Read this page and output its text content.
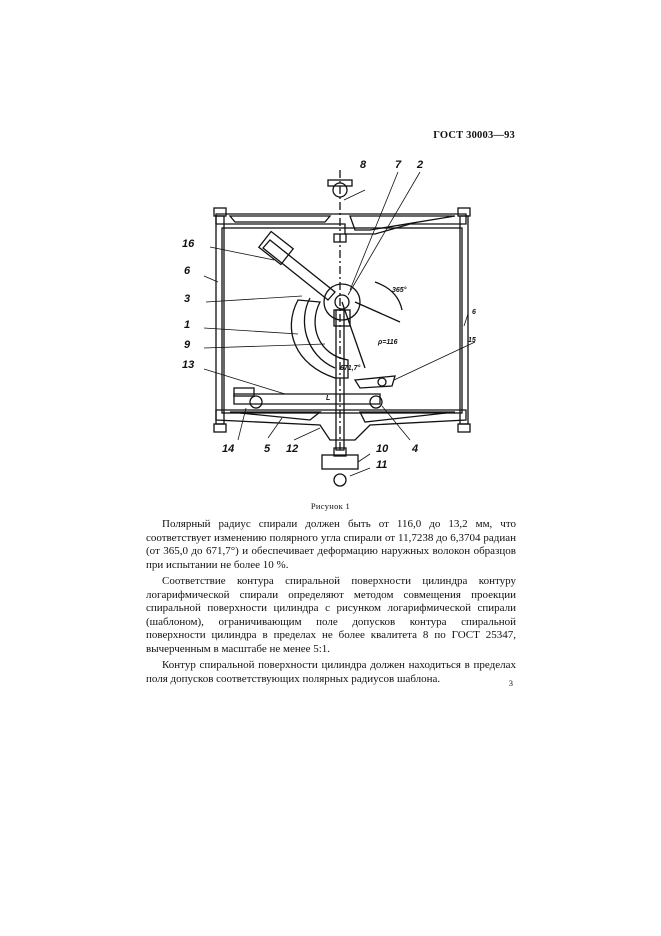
ГОСТ 30003—93
8	7 2
16
6
3
1
9
13
14	5 12	10
11
4
15
6
365°
ρ=116
671,7°
L
Рисунок 1

Полярный радиус спирали должен быть от 116,0 до 13,2 мм, что соответствует изменению полярного угла спирали от 11,7238 до 6,3704 радиан (от 365,0 до 671,7°) и обеспечивает деформацию наружных волокон образцов при испытании не более 10 %.

Соответствие контура спиральной поверхности цилиндра контуру логарифмической спирали определяют методом совмещения проекции спиральной поверхности цилиндра с рисунком логарифмической спирали (шаблоном), ограничивающим поле допусков контура спиральной поверхности цилиндра в пределах не более квалитета 8 по ГОСТ 25347, вычерченным в масштабе не менее 5:1.

Контур спиральной поверхности цилиндра должен находиться в пределах поля допусков соответствующих полярных радиусов шаблона.	3
